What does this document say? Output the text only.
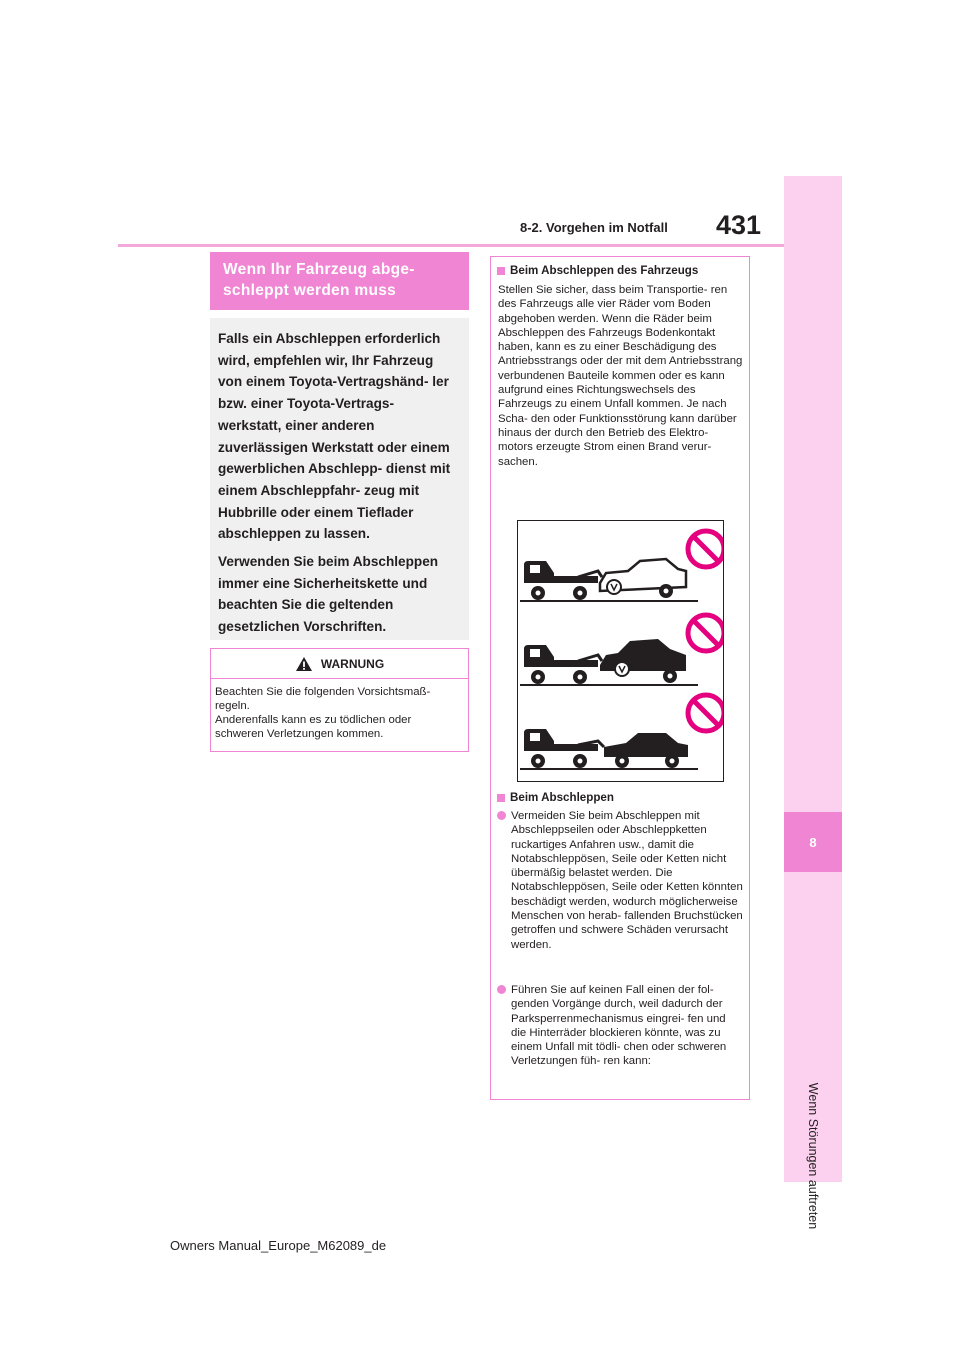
431
8-2. Vorgehen im Notfall
8
Wenn Störungen auftreten
Wenn Ihr Fahrzeug abge-
schleppt werden muss

Falls ein Abschleppen erforderlich wird, empfehlen wir, Ihr Fahrzeug von einem Toyota-Vertragshänd- ler bzw. einer Toyota-Vertrags- werkstatt, einer anderen zuverlässigen Werkstatt oder einem gewerblichen Abschlepp- dienst mit einem Abschleppfahr- zeug mit Hubbrille oder einem Tieflader abschleppen zu lassen.

Verwenden Sie beim Abschleppen immer eine Sicherheitskette und beachten Sie die geltenden gesetzlichen Vorschriften.

WARNUNG
Beachten Sie die folgenden Vorsichtsmaß- regeln.
Anderenfalls kann es zu tödlichen oder schweren Verletzungen kommen.
Beim Abschleppen des Fahrzeugs
Stellen Sie sicher, dass beim Transportie- ren des Fahrzeugs alle vier Räder vom Boden abgehoben werden. Wenn die Räder beim Abschleppen des Fahrzeugs Bodenkontakt haben, kann es zu einer Beschädigung des Antriebsstrangs oder der mit dem Antriebsstrang verbundenen Bauteile kommen oder es kann aufgrund eines Richtungswechsels des Fahrzeugs zu einem Unfall kommen. Je nach Scha- den oder Funktionsstörung kann darüber hinaus der durch den Betrieb des Elektro- motors erzeugte Strom einen Brand verur- sachen.
Beim Abschleppen
Vermeiden Sie beim Abschleppen mit Abschleppseilen oder Abschleppketten ruckartiges Anfahren usw., damit die Notabschleppösen, Seile oder Ketten nicht übermäßig belastet werden. Die Notabschleppösen, Seile oder Ketten könnten beschädigt werden, wodurch möglicherweise Menschen von herab- fallenden Bruchstücken getroffen und schwere Schäden verursacht werden.
Führen Sie auf keinen Fall einen der fol- genden Vorgänge durch, weil dadurch der Parksperrenmechanismus eingrei- fen und die Hinterräder blockieren könnte, was zu einem Unfall mit tödli- chen oder schweren Verletzungen füh- ren kann:
Owners Manual_Europe_M62089_de
